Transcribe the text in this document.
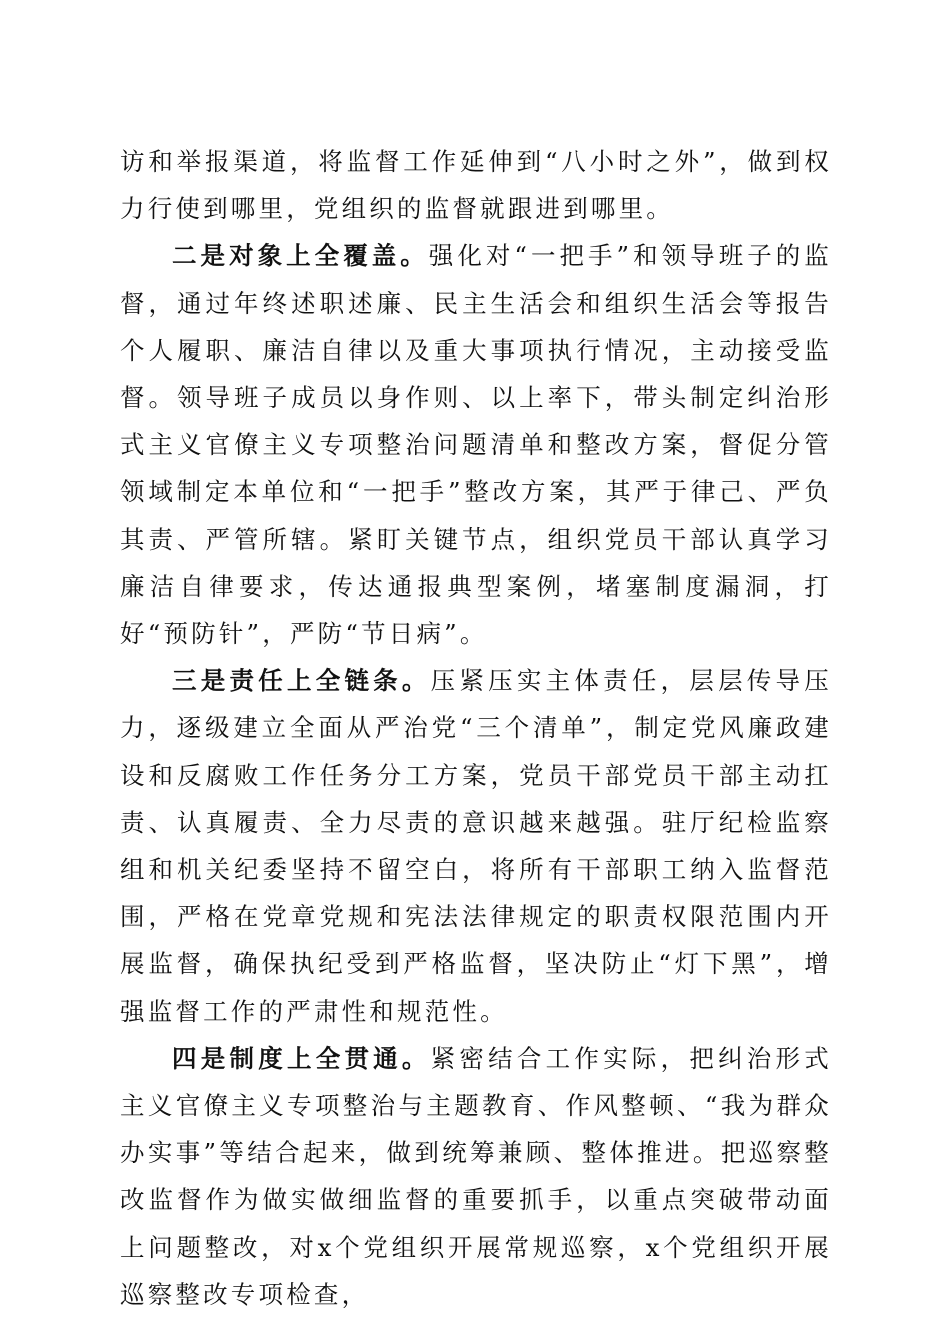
访和举报渠道，将监督工作延伸到“八小时之外”，做到权力行使到哪里，党组织的监督就跟进到哪里。

二是对象上全覆盖。强化对“一把手”和领导班子的监督，通过年终述职述廉、民主生活会和组织生活会等报告个人履职、廉洁自律以及重大事项执行情况，主动接受监督。领导班子成员以身作则、以上率下，带头制定纠治形式主义官僚主义专项整治问题清单和整改方案，督促分管领域制定本单位和“一把手”整改方案，其严于律己、严负其责、严管所辖。紧盯关键节点，组织党员干部认真学习廉洁自律要求，传达通报典型案例，堵塞制度漏洞，打好“预防针”，严防“节日病”。

三是责任上全链条。压紧压实主体责任，层层传导压力，逐级建立全面从严治党“三个清单”，制定党风廉政建设和反腐败工作任务分工方案，党员干部党员干部主动扛责、认真履责、全力尽责的意识越来越强。驻厅纪检监察组和机关纪委坚持不留空白，将所有干部职工纳入监督范围，严格在党章党规和宪法法律规定的职责权限范围内开展监督，确保执纪受到严格监督，坚决防止“灯下黑”，增强监督工作的严肃性和规范性。

四是制度上全贯通。紧密结合工作实际，把纠治形式主义官僚主义专项整治与主题教育、作风整顿、“我为群众办实事”等结合起来，做到统筹兼顾、整体推进。把巡察整改监督作为做实做细监督的重要抓手，以重点突破带动面上问题整改，对x个党组织开展常规巡察，x个党组织开展巡察整改专项检查，
